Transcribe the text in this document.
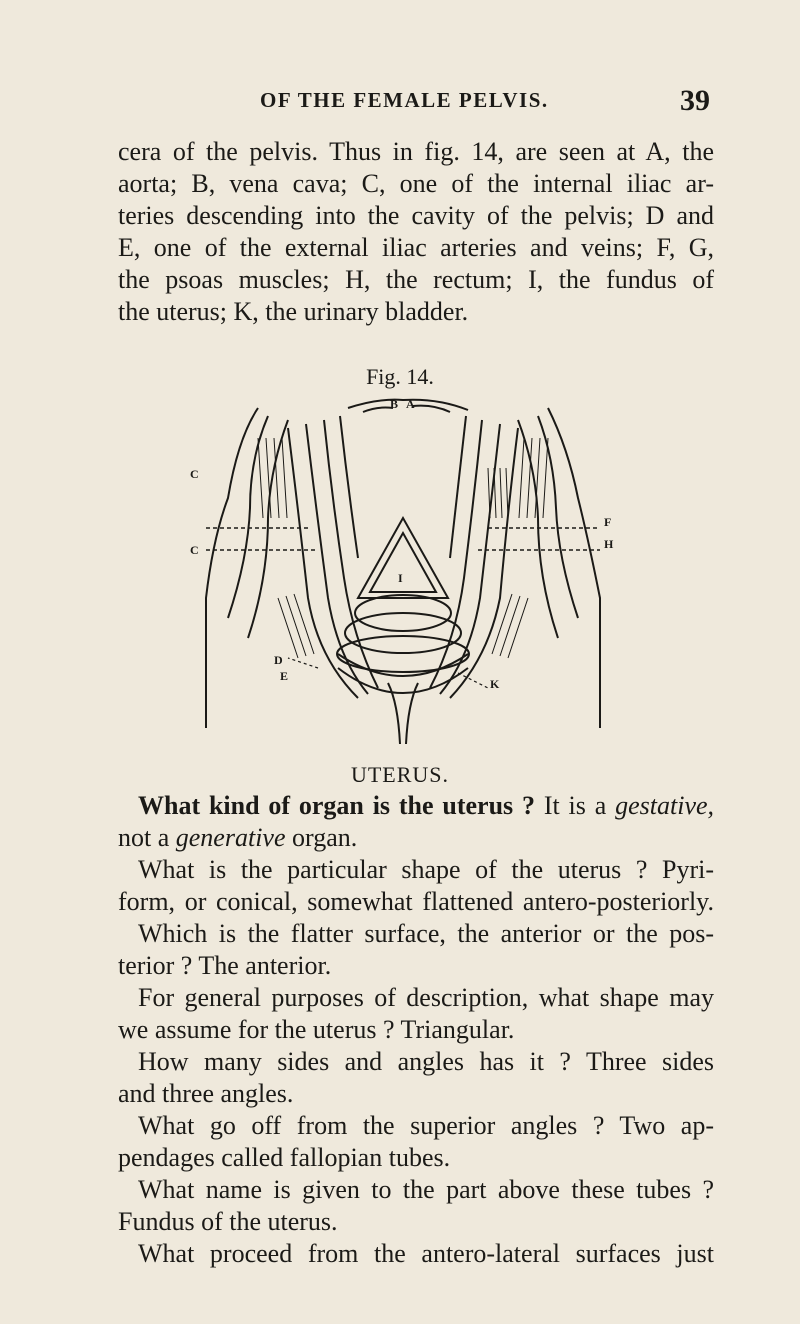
OF THE FEMALE PELVIS.	39
cera of the pelvis. Thus in fig. 14, are seen at A, the
aorta; B, vena cava; C, one of the internal iliac ar-
teries descending into the cavity of the pelvis; D and
E, one of the external iliac arteries and veins; F, G,
the psoas muscles; H, the rectum; I, the fundus of
the uterus; K, the urinary bladder.
Fig. 14.
B A
C
C
F
H
I
D
E
K
UTERUS.
What kind of organ is the uterus ? It is a gestative,
not a generative organ.
What is the particular shape of the uterus ? Pyri-
form, or conical, somewhat flattened antero-posteriorly.
Which is the flatter surface, the anterior or the pos-
terior ? The anterior.
For general purposes of description, what shape may
we assume for the uterus ? Triangular.
How many sides and angles has it ? Three sides
and three angles.
What go off from the superior angles ? Two ap-
pendages called fallopian tubes.
What name is given to the part above these tubes ?
Fundus of the uterus.
What proceed from the antero-lateral surfaces just
